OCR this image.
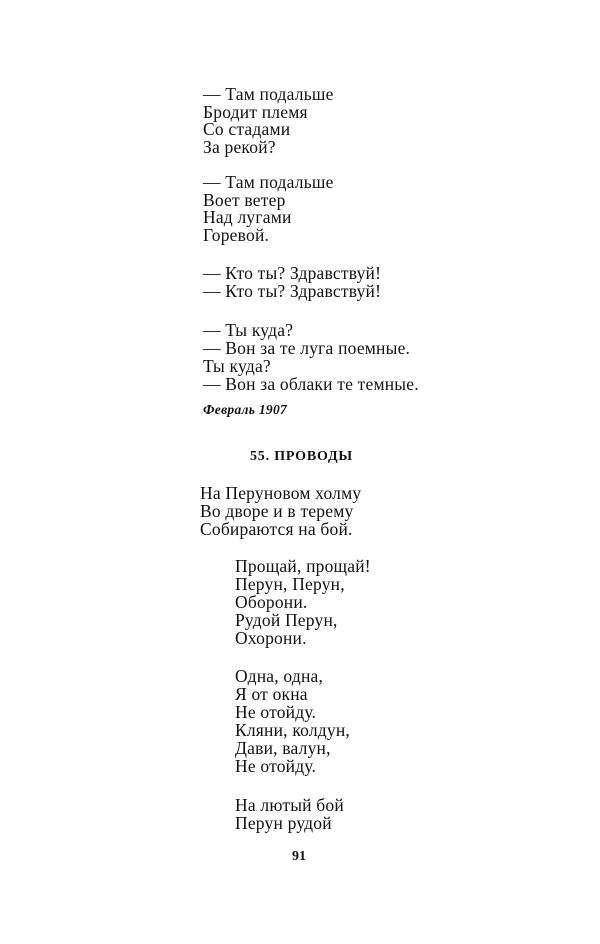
— Там подальше
Бродит племя
Со стадами
За рекой?
— Там подальше
Воет ветер
Над лугами
Горевой.
— Кто ты? Здравствуй!
— Кто ты? Здравствуй!
— Ты куда?
— Вон за те луга поемные.
Ты куда?
— Вон за облаки те темные.
Февраль 1907
55. ПРОВОДЫ
На Перуновом холму
Во дворе и в терему
Собираются на бой.
Прощай, прощай!
Перун, Перун,
Оборони.
Рудой Перун,
Охорони.
Одна, одна,
Я от окна
Не отойду.
Кляни, колдун,
Дави, валун,
Не отойду.
На лютый бой
Перун рудой
91
